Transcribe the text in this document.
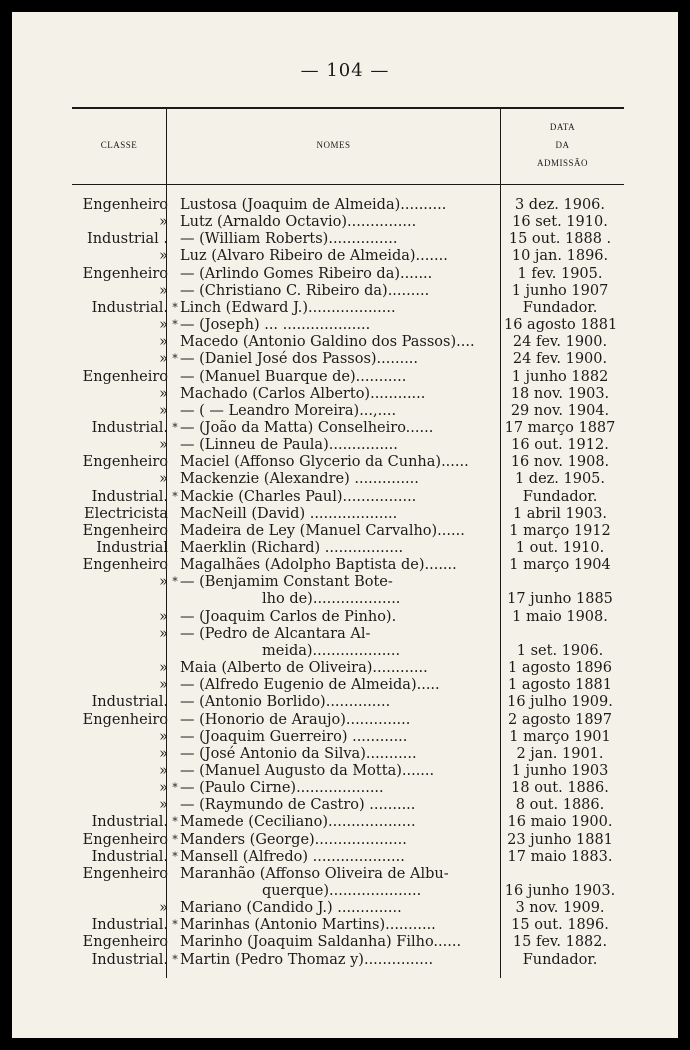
— 104 —
CLASSE	NOMES
DATA
DA
ADMISSÃO
Engenheiro Lustosa (Joaquim de Almeida)..........	3 dez. 1906.
» Lutz (Arnaldo Octavio)...............	16 set. 1910.
Industrial . — (William Roberts)...............	15 out. 1888 .
» Luz (Alvaro Ribeiro de Almeida).......	10 jan. 1896.
Engenheiro — (Arlindo Gomes Ribeiro da).......	1 fev. 1905.
» — (Christiano C. Ribeiro da).........	1 junho 1907
Industrial. * Linch (Edward J.)...................	Fundador.
» * — (Joseph) ... ...................	16 agosto 1881
» Macedo (Antonio Galdino dos Passos)....	24 fev. 1900.
» * — (Daniel José dos Passos).........	24 fev. 1900.
Engenheiro — (Manuel Buarque de)...........	1 junho 1882
» Machado (Carlos Alberto)............	18 nov. 1903.
» — ( — Leandro Moreira)...,....	29 nov. 1904.
Industrial. * — (João da Matta) Conselheiro......	17 março 1887
» — (Linneu de Paula)...............	16 out. 1912.
Engenheiro Maciel (Affonso Glycerio da Cunha)......	16 nov. 1908.
» Mackenzie (Alexandre) ..............	1 dez. 1905.
Industrial. * Mackie (Charles Paul)................	Fundador.
Electricista MacNeill (David) ...................	1 abril 1903.
Engenheiro Madeira de Ley (Manuel Carvalho)......	1 março 1912
Industrial Maerklin (Richard) .................	1 out. 1910.
Engenheiro Magalhães (Adolpho Baptista de).......	1 março 1904
» * — (Benjamim Constant Bote-
lho de)...................	17 junho 1885
» — (Joaquim Carlos de Pinho).	1 maio 1908.
» — (Pedro de Alcantara Al-
meida)...................	1 set. 1906.
» Maia (Alberto de Oliveira)............	1 agosto 1896
» — (Alfredo Eugenio de Almeida).....	1 agosto 1881
Industrial. — (Antonio Borlido)..............	16 julho 1909.
Engenheiro — (Honorio de Araujo)..............	2 agosto 1897
» — (Joaquim Guerreiro) ............	1 março 1901
» — (José Antonio da Silva)...........	2 jan. 1901.
» — (Manuel Augusto da Motta).......	1 junho 1903
» * — (Paulo Cirne)...................	18 out. 1886.
» — (Raymundo de Castro) ..........	8 out. 1886.
Industrial. * Mamede (Ceciliano)...................	16 maio 1900.
Engenheiro * Manders (George)....................	23 junho 1881
Industrial. * Mansell (Alfredo) ....................	17 maio 1883.
Engenheiro Maranhão (Affonso Oliveira de Albu-
querque)....................	16 junho 1903.
» Mariano (Candido J.) ..............	3 nov. 1909.
Industrial. * Marinhas (Antonio Martins)...........	15 out. 1896.
Engenheiro Marinho (Joaquim Saldanha) Filho......	15 fev. 1882.
Industrial. * Martin (Pedro Thomaz y)...............	Fundador.
